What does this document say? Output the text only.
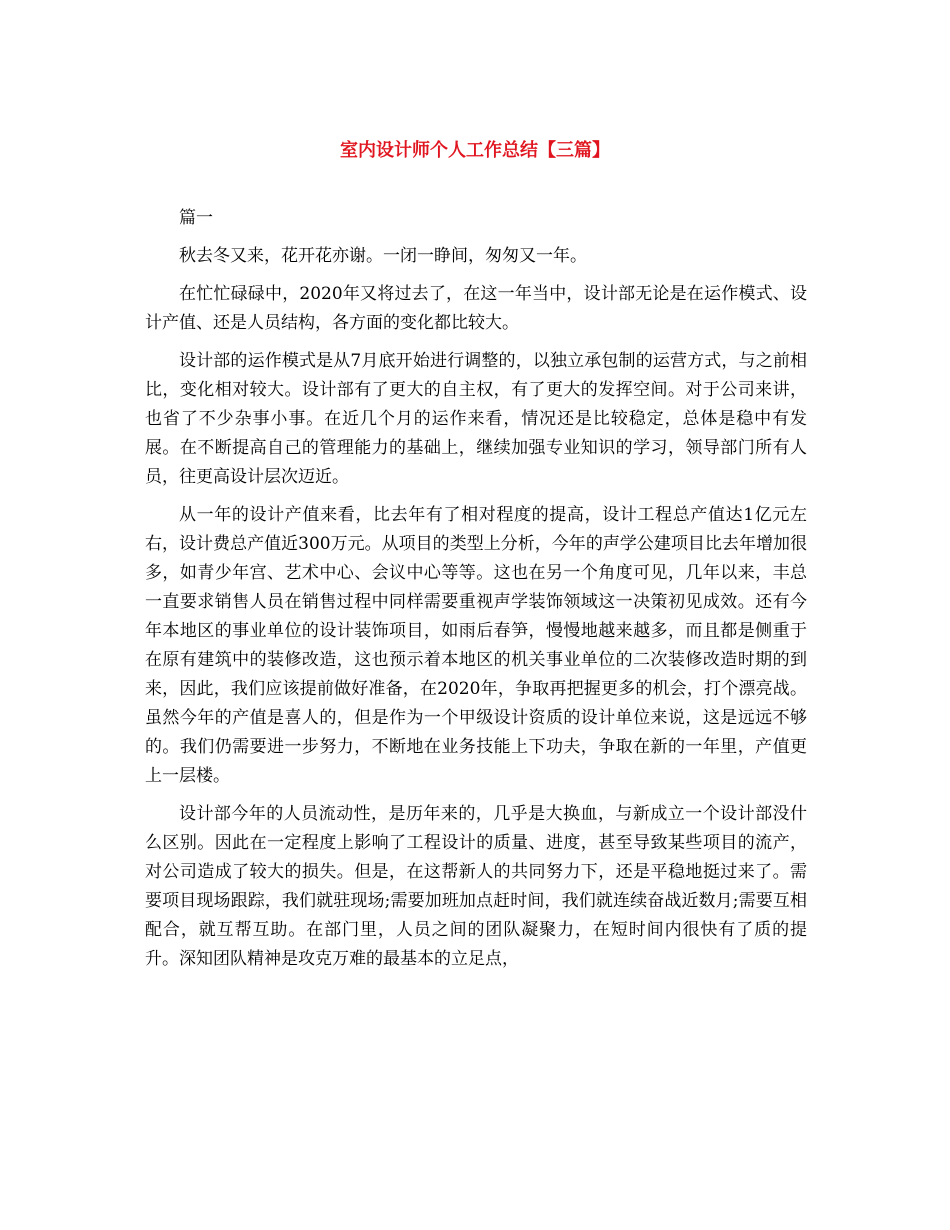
室内设计师个人工作总结【三篇】

篇一

秋去冬又来，花开花亦谢。一闭一睁间，匆匆又一年。

在忙忙碌碌中，2020年又将过去了，在这一年当中，设计部无论是在运作模式、设计产值、还是人员结构，各方面的变化都比较大。

设计部的运作模式是从7月底开始进行调整的，以独立承包制的运营方式，与之前相比，变化相对较大。设计部有了更大的自主权，有了更大的发挥空间。对于公司来讲，也省了不少杂事小事。在近几个月的运作来看，情况还是比较稳定，总体是稳中有发展。在不断提高自己的管理能力的基础上，继续加强专业知识的学习，领导部门所有人员，往更高设计层次迈近。

从一年的设计产值来看，比去年有了相对程度的提高，设计工程总产值达1亿元左右，设计费总产值近300万元。从项目的类型上分析，今年的声学公建项目比去年增加很多，如青少年宫、艺术中心、会议中心等等。这也在另一个角度可见，几年以来，丰总一直要求销售人员在销售过程中同样需要重视声学装饰领域这一决策初见成效。还有今年本地区的事业单位的设计装饰项目，如雨后春笋，慢慢地越来越多，而且都是侧重于在原有建筑中的装修改造，这也预示着本地区的机关事业单位的二次装修改造时期的到来，因此，我们应该提前做好准备，在2020年，争取再把握更多的机会，打个漂亮战。虽然今年的产值是喜人的，但是作为一个甲级设计资质的设计单位来说，这是远远不够的。我们仍需要进一步努力，不断地在业务技能上下功夫，争取在新的一年里，产值更上一层楼。

设计部今年的人员流动性，是历年来的，几乎是大换血，与新成立一个设计部没什么区别。因此在一定程度上影响了工程设计的质量、进度，甚至导致某些项目的流产，对公司造成了较大的损失。但是，在这帮新人的共同努力下，还是平稳地挺过来了。需要项目现场跟踪，我们就驻现场;需要加班加点赶时间，我们就连续奋战近数月;需要互相配合，就互帮互助。在部门里，人员之间的团队凝聚力，在短时间内很快有了质的提升。深知团队精神是攻克万难的最基本的立足点，
